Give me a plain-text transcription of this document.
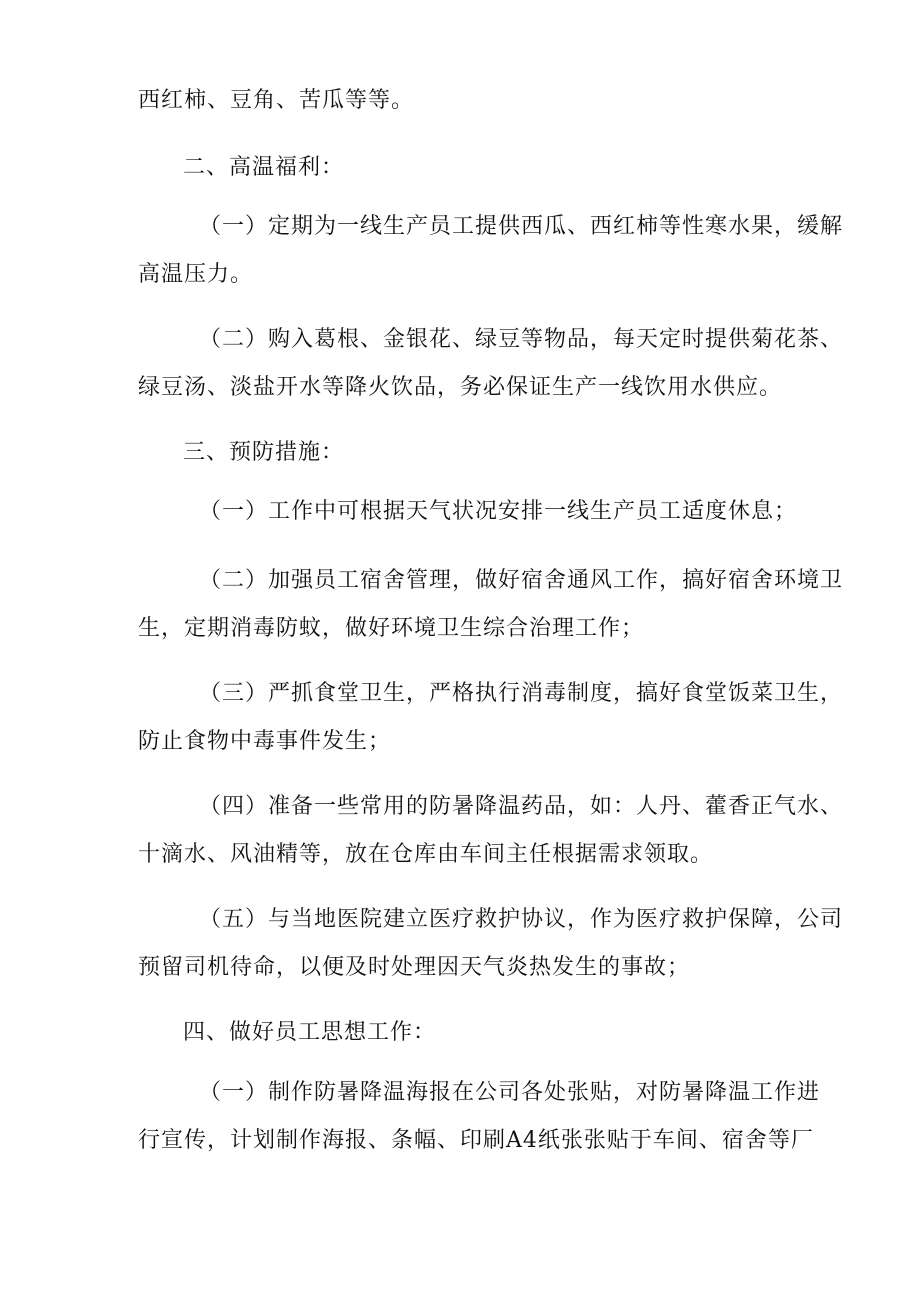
西红柿、豆角、苦瓜等等。
二、高温福利：
（一）定期为一线生产员工提供西瓜、西红柿等性寒水果，缓解
高温压力。
（二）购入葛根、金银花、绿豆等物品，每天定时提供菊花茶、
绿豆汤、淡盐开水等降火饮品，务必保证生产一线饮用水供应。
三、预防措施：
（一）工作中可根据天气状况安排一线生产员工适度休息；
（二）加强员工宿舍管理，做好宿舍通风工作，搞好宿舍环境卫
生，定期消毒防蚊，做好环境卫生综合治理工作；
（三）严抓食堂卫生，严格执行消毒制度，搞好食堂饭菜卫生，
防止食物中毒事件发生；
（四）准备一些常用的防暑降温药品，如：人丹、藿香正气水、
十滴水、风油精等，放在仓库由车间主任根据需求领取。
（五）与当地医院建立医疗救护协议，作为医疗救护保障，公司
预留司机待命，以便及时处理因天气炎热发生的事故；
四、做好员工思想工作：
（一）制作防暑降温海报在公司各处张贴，对防暑降温工作进
行宣传，计划制作海报、条幅、印刷A4纸张张贴于车间、宿舍等厂
